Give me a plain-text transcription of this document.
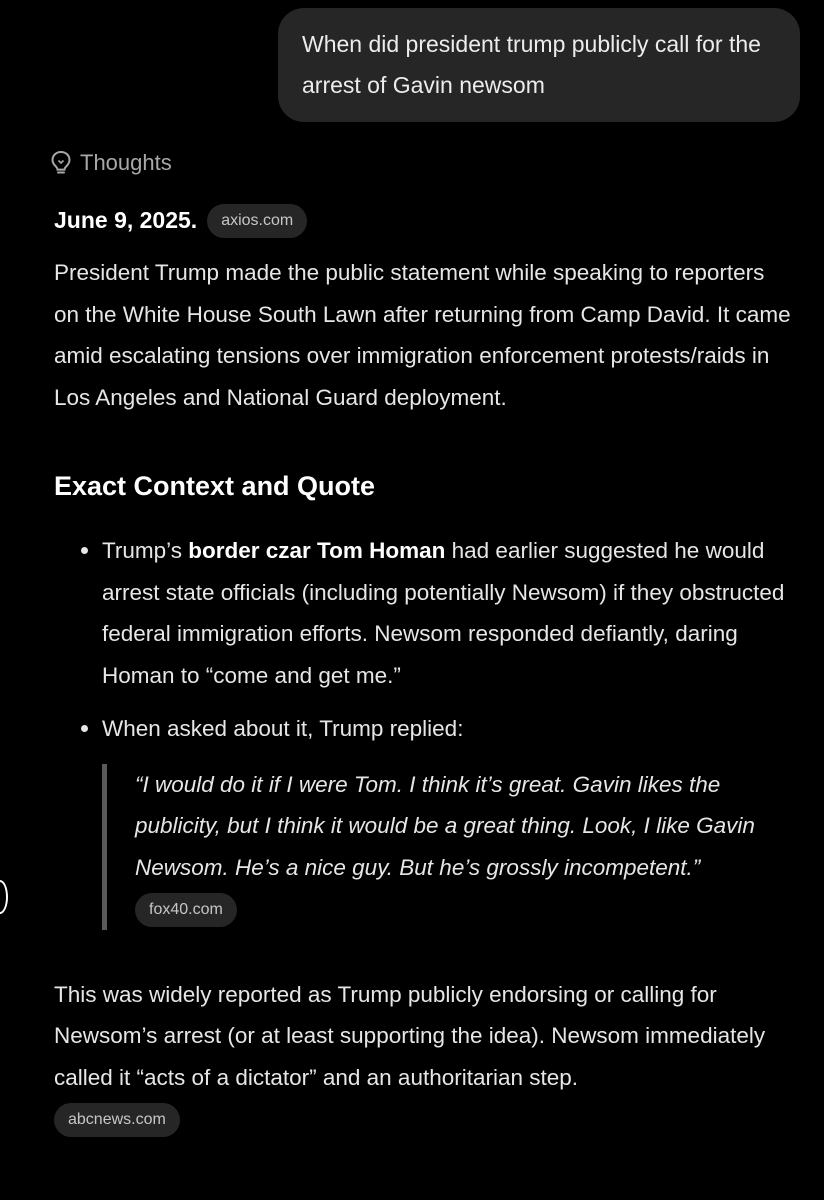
When did president trump publicly call for the arrest of Gavin newsom
Thoughts
June 9, 2025.	axios.com
President Trump made the public statement while speaking to reporters on the White House South Lawn after returning from Camp David. It came amid escalating tensions over immigration enforcement protests/raids in Los Angeles and National Guard deployment.
Exact Context and Quote
Trump’s border czar Tom Homan had earlier suggested he would arrest state officials (including potentially Newsom) if they obstructed federal immigration efforts. Newsom responded defiantly, daring Homan to “come and get me.”
When asked about it, Trump replied:
“I would do it if I were Tom. I think it’s great. Gavin likes the publicity, but I think it would be a great thing. Look, I like Gavin Newsom. He’s a nice guy. But he’s grossly incompetent.” fox40.com
This was widely reported as Trump publicly endorsing or calling for Newsom’s arrest (or at least supporting the idea). Newsom immediately called it “acts of a dictator” and an authoritarian step.
abcnews.com
